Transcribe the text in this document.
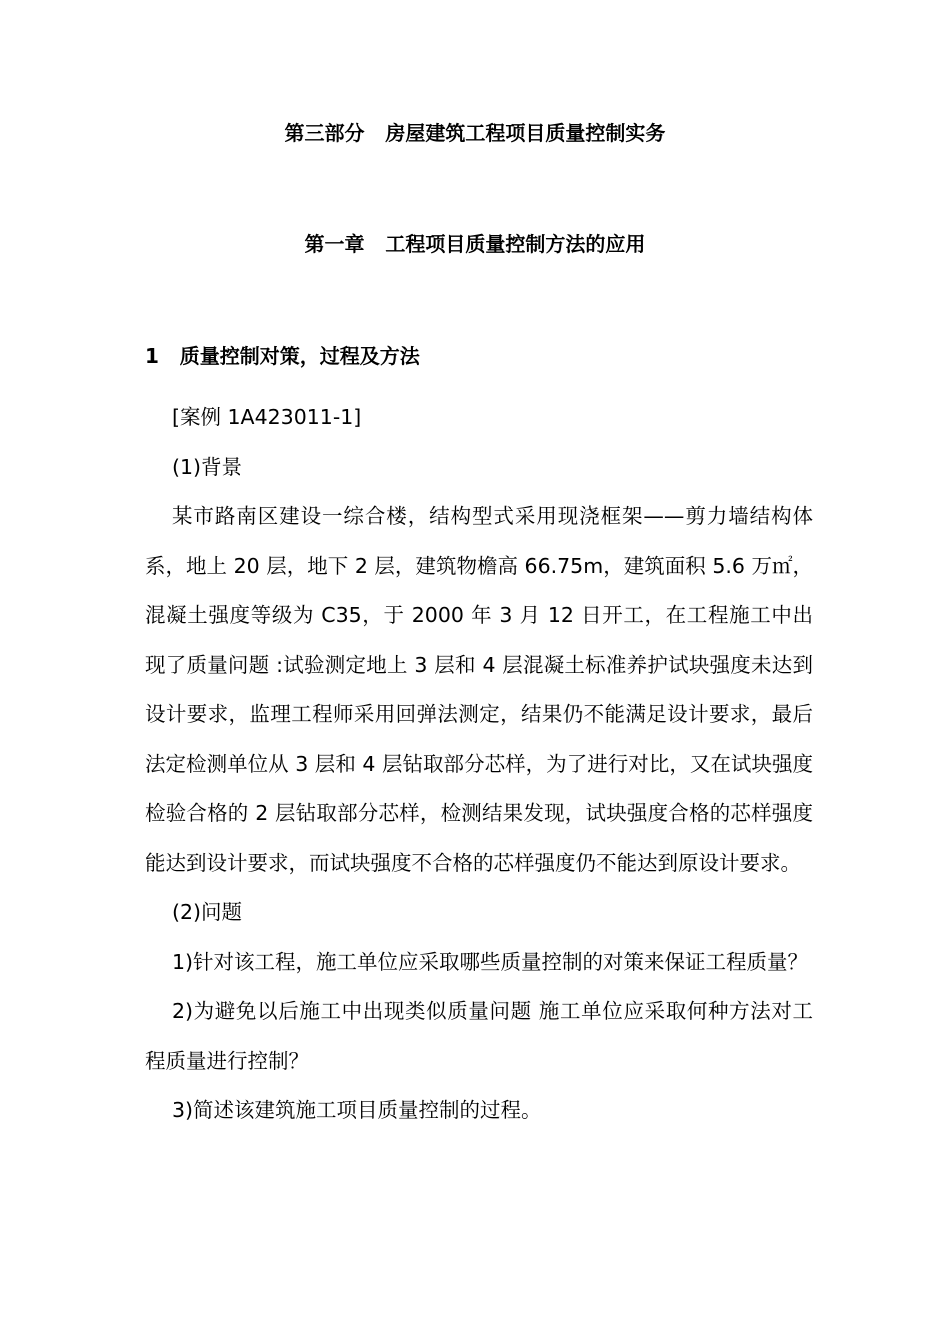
第三部分   房屋建筑工程项目质量控制实务
第一章   工程项目质量控制方法的应用
1   质量控制对策，过程及方法

[案例 1A423011-1]

(1)背景

某市路南区建设一综合楼，结构型式采用现浇框架——剪力墙结构体系，地上 20 层，地下 2 层，建筑物檐高 66.75m，建筑面积 5.6 万㎡，混凝土强度等级为 C35，于 2000 年 3 月 12 日开工，在工程施工中出现了质量问题 :试验测定地上 3 层和 4 层混凝土标准养护试块强度未达到设计要求，监理工程师采用回弹法测定，结果仍不能满足设计要求，最后法定检测单位从 3 层和 4 层钻取部分芯样，为了进行对比，又在试块强度检验合格的 2 层钻取部分芯样，检测结果发现，试块强度合格的芯样强度能达到设计要求，而试块强度不合格的芯样强度仍不能达到原设计要求。

(2)问题

1)针对该工程，施工单位应采取哪些质量控制的对策来保证工程质量？

2)为避免以后施工中出现类似质量问题 施工单位应采取何种方法对工程质量进行控制？

3)简述该建筑施工项目质量控制的过程。
